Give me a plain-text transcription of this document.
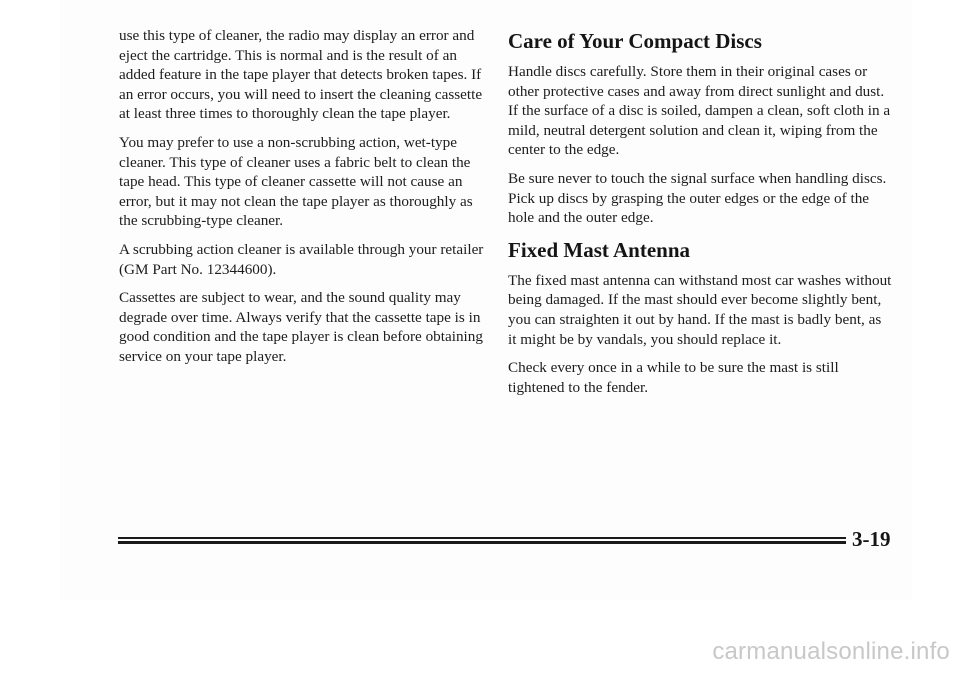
use this type of cleaner, the radio may display an error and eject the cartridge. This is normal and is the result of an added feature in the tape player that detects broken tapes. If an error occurs, you will need to insert the cleaning cassette at least three times to thoroughly clean the tape player.

You may prefer to use a non-scrubbing action, wet-type cleaner. This type of cleaner uses a fabric belt to clean the tape head. This type of cleaner cassette will not cause an error, but it may not clean the tape player as thoroughly as the scrubbing-type cleaner.

A scrubbing action cleaner is available through your retailer (GM Part No. 12344600).

Cassettes are subject to wear, and the sound quality may degrade over time. Always verify that the cassette tape is in good condition and the tape player is clean before obtaining service on your tape player.

Care of Your Compact Discs

Handle discs carefully. Store them in their original cases or other protective cases and away from direct sunlight and dust. If the surface of a disc is soiled, dampen a clean, soft cloth in a mild, neutral detergent solution and clean it, wiping from the center to the edge.

Be sure never to touch the signal surface when handling discs. Pick up discs by grasping the outer edges or the edge of the hole and the outer edge.

Fixed Mast Antenna

The fixed mast antenna can withstand most car washes without being damaged. If the mast should ever become slightly bent, you can straighten it out by hand. If the mast is badly bent, as it might be by vandals, you should replace it.

Check every once in a while to be sure the mast is still tightened to the fender.

3-19
carmanualsonline.info
